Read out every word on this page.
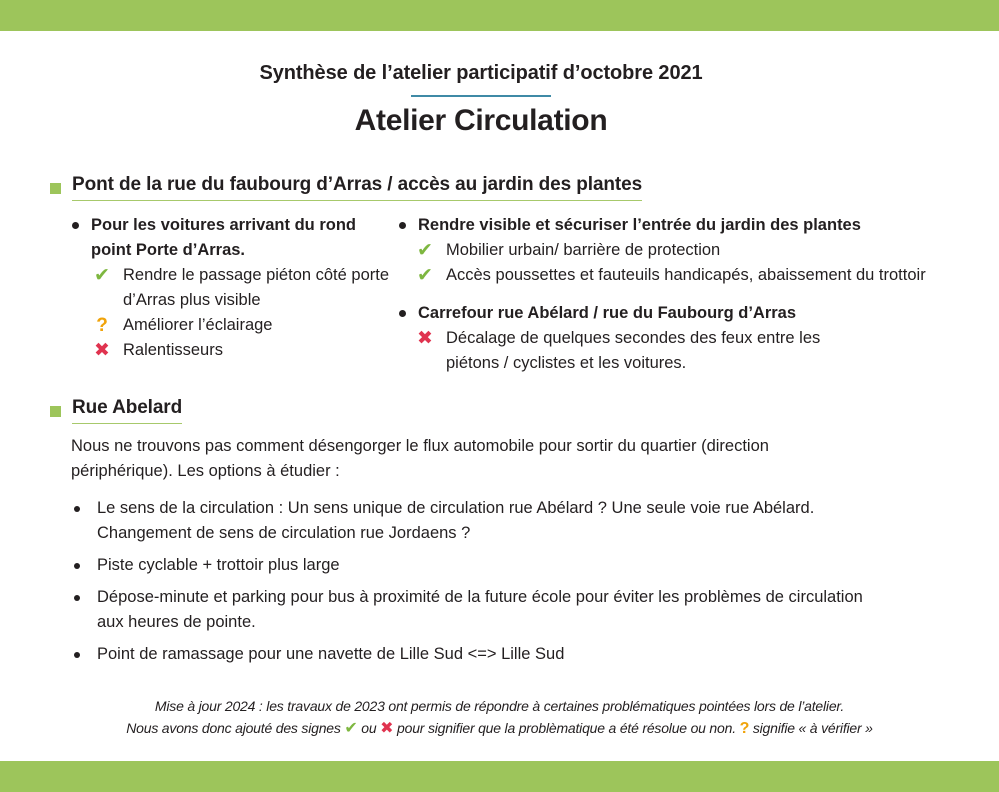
Synthèse de l’atelier participatif d’octobre 2021
Atelier Circulation
Pont de la rue du faubourg d’Arras / accès au jardin des plantes
Pour les voitures arrivant du rond point Porte d’Arras.
✔ Rendre le passage piéton côté porte d’Arras plus visible
? Améliorer l’éclairage
✖ Ralentisseurs
Rendre visible et sécuriser l’entrée du jardin des plantes
✔ Mobilier urbain/ barrière de protection
✔ Accès poussettes et fauteuils handicapés, abaissement du trottoir
Carrefour rue Abélard / rue du Faubourg d’Arras
✖ Décalage de quelques secondes des feux entre les piétons / cyclistes et les voitures.
Rue Abelard
Nous ne trouvons pas comment désengorger le flux automobile pour sortir du quartier (direction périphérique). Les options à étudier :
Le sens de la circulation : Un sens unique de circulation rue Abélard ? Une seule voie rue Abélard. Changement de sens de circulation rue Jordaens ?
Piste cyclable + trottoir plus large
Dépose-minute et parking pour bus à proximité de la future école pour éviter les problèmes de circulation aux heures de pointe.
Point de ramassage pour une navette de Lille Sud <=> Lille Sud
Mise à jour 2024 : les travaux de 2023 ont permis de répondre à certaines problématiques pointées lors de l’atelier.
Nous avons donc ajouté des signes ✔ ou ✖ pour signifier que la problèmatique a été résolue ou non. ? signifie « à vérifier »
